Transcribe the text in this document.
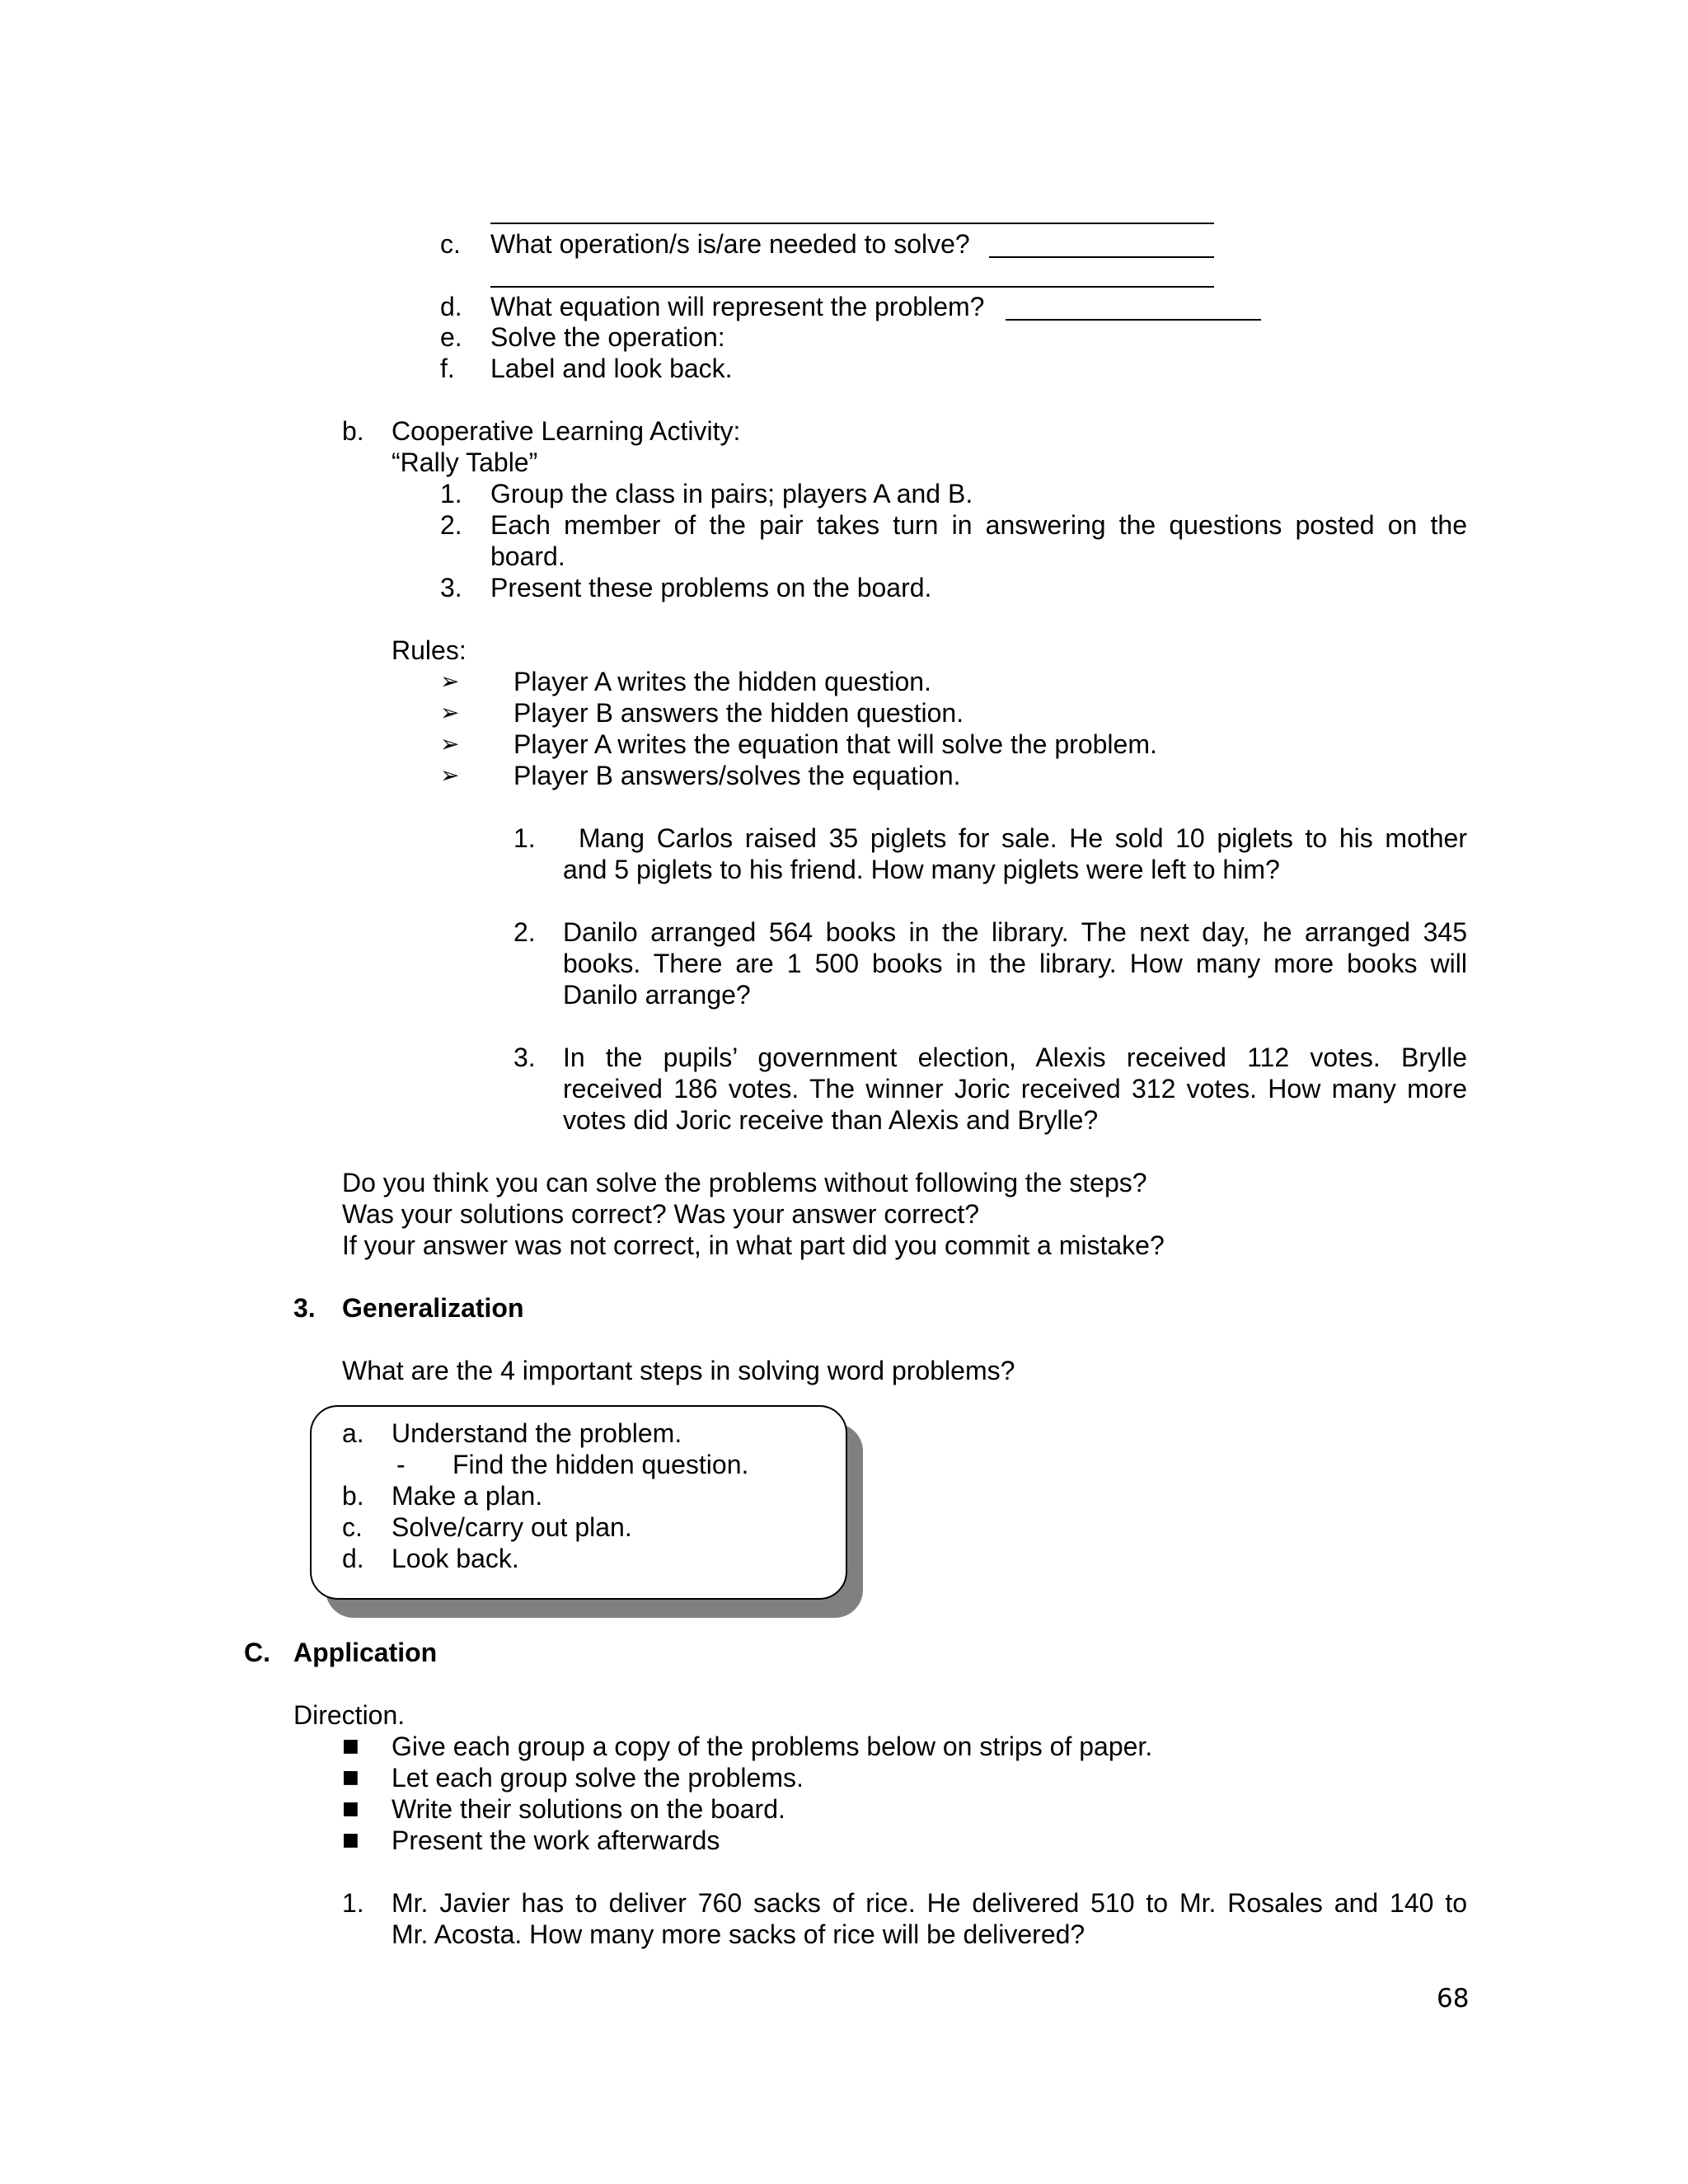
c. What operation/s is/are needed to solve?
d. What equation will represent the problem?
e. Solve the operation:
f. Label and look back.
b. Cooperative Learning Activity:
“Rally Table”
1. Group the class in pairs; players A and B.
2. Each member of the pair takes turn in answering the questions posted on the
board.
3. Present these problems on the board.
Rules:
➢ Player A writes the hidden question.
➢ Player B answers the hidden question.
➢ Player A writes the equation that will solve the problem.
➢ Player B answers/solves the equation.
1. Mang Carlos raised 35 piglets for sale. He sold 10 piglets to his mother
and 5 piglets to his friend. How many piglets were left to him?
2. Danilo arranged 564 books in the library. The next day, he arranged 345
books. There are 1 500 books in the library. How many more books will
Danilo arrange?
3. In the pupils’ government election, Alexis received 112 votes. Brylle
received 186 votes. The winner Joric received 312 votes. How many more
votes did Joric receive than Alexis and Brylle?
Do you think you can solve the problems without following the steps?
Was your solutions correct? Was your answer correct?
If your answer was not correct, in what part did you commit a mistake?
3. Generalization
What are the 4 important steps in solving word problems?
a. Understand the problem.
- Find the hidden question.
b. Make a plan.
c. Solve/carry out plan.
d. Look back.
C. Application
Direction.
■ Give each group a copy of the problems below on strips of paper.
■ Let each group solve the problems.
■ Write their solutions on the board.
■ Present the work afterwards
1. Mr. Javier has to deliver 760 sacks of rice. He delivered 510 to Mr. Rosales and 140 to
Mr. Acosta. How many more sacks of rice will be delivered?
68
